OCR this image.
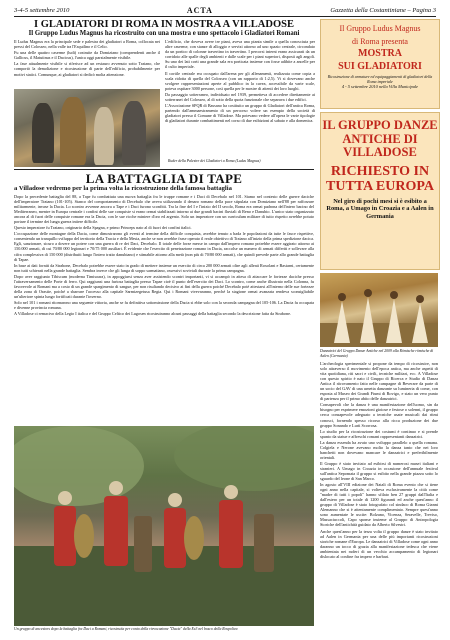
3-4-5 settembre 2010	ACTA	Gazzetta della Costantiniane – Pagina 3
I GLADIATORI DI ROMA IN MOSTRA A VILLADOSE
Il Gruppo Ludus Magnus ha ricostruito con una mostra e uno spettacolo i Gladiatori Romani

Il Ludus Magnus era la principale sede e palestra dei gladiatori a Roma, collocata nei pressi del Colosseo, nella valle tra l'Esquilino e il Celio.

Fu una delle quattro caserme (ludi) costruite da Domiziano (comprendenti anche il Gallicus, il Matutinus e il Dacicus), l'unica oggi parzialmente visibile.

La fase attualmente visibile si riferisce ad un restauro avvenuto sotto Traiano, che comportò la demolizione e ricostruzione di parte dell'edificio, probabilmente per motivi statici. Comunque, ai gladiatori si dedicò molta attenzione.

L'edificio, che doveva avere tre piani, aveva una pianta simile a quella conosciuta per altre caserme, con stanze di alloggio e servizi attorno ad uno spazio centrale, circondato da un portico di colonne travertino in travertino. I percorsi interni erano assicurati da un corridoio alle spalle degli ambienti e dalle scale per i piani superiori, disposti agli angoli. Su uno dei lati corti una grande sala era porticata insieme con fosse adibite a ancelle per il culto imperiale.

Il cortile centrale era occupato dall'arena per gli allenamenti, realizzata come copia a scala ridotta di quella del Colosseo (con un rapporto di 1:2,5). Vi si dovevano anche svolgere rappresentazioni aperte al pubblico in la cavea, accessibile da varie scale, poteva ospitare 3000 persone, così quella per le mostre di attenti dei loro luoghi.

Da passaggio sotterraneo, individuato nel 1939, permetteva di accedere direttamente ai sotterranei del Colosseo, al di sotto della quota funzionale che separava i due edifici.

L'Associazione SPQR di Bassano ha costituito un gruppo di Gladiatori dell'antica Roma, partendo dall'ammaestramento di un percorso volere un esempio della società di gladiatori presso il Comune di Villadose. Ma potevano vedere all'opera le varie tipologie di gladiatori durante combattimenti nel corso di due esibizioni al sabato e alla domenica.

Ruder della Palestre dei Gladiatori a Roma (Ludus Magnus)
LA BATTAGLIA DI TAPE
a Villadose vedremo per la prima volta la ricostruzione della famosa battaglia

Dopo la precedente battaglia del 88, a Tape fu combattuta una nuova battaglia fra le truppe romane e i Daci di Decebalo nel 101. Siamo nel contesto delle guerre daciche dell'imperatore Traiano (101-105). Stanco del comportamento di Decebalo che aveva utilizzando il denaro romano della pace stipulata con Domiziano nell'88 per rafforzare militarmente, invase la Dacia. Lo scontro avvenne ancora a Tape e i Daci furono sconfitti. Tra la fine del I e l'inizio del II secolo, Roma era ormai padrona dell'intero bacino del Mediterraneo, mentre in Europa centrale i confini delle sue conquiste si erano ormai stabilizzati intorno ai due grandi bacini fluviali di Reno e Danubio. L'unico stato organizzato ancora al di fuori delle conquiste romane era la Dacia, con le sue ricche miniere d'oro ed argento. Solo un imperatore con un curriculum militare di tutto rispetto avrebbe potuto portare il termine dei lunga guerra intiere difficile.

Questo imperatore fu Traiano, originario della Spagna, e primo Princeps nato al di fuori dei confini italici.

L'occupazione delle montagne della Dacia, come dimostrarono gli eventi al termine della difficile conquista, avrebbe tenuto a bada le popolazioni da tutte le fasce rispettive, consentendo un tranquillo sviluppo del territorio della Tracia e della Mesia, anche se non avrebbe frase operato il reale obiettivo di Traiano all'inizio della prima spedizione dacica. Egli, sanzionare, sicuro a dovere un potere con una guerra di re dei Daci, Decebalo. Il totale delle forze messe in campo dall'impero romano potrebbe essere aggirato attorno ai 150.000 armati, di cui 70/80 000 legionari e 70/75 000 ausiliari. È evidente che l'esercito di penetrazione romano in Dacia, raccolse un numero di armati differiti e sollevare alla cifra complessiva di 150 000 (distribuiti lungo l'intero tratto danubiano) e stimabile attorno alla metà (non più di 70/80 000 armati), che quindi prevede parte allo grande battaglia di Tapae.

In base ai dati forniti da Strabone, Decebalo potrebbe essere stato in grado di mettere insieme un esercito di circa 200 000 armati oltre agli alleati Roxolani e Bastarni, certamente non tutti schierati nella grande battaglia. Sembra invece che gli lunga di soppo sarmatiano, ossessivi soviviali durante la prima campagna.

Dopo aver raggiunto Tibiscum (moderna Timisoara), in appoggiarsi senza aver assistendo scontri importanti, vi si accampò in attesa di attaccare le fortezze daciche presso l'attraversamento delle Porte di ferro. Qui raggiunsi una furiosa battaglia presso Tapae cioè il punto dell'esercito dei Daci. Lo scontro, come anche illustrato nella Colonna, fu favorevole ai Romani ma a costo di un grande spargimento di sangue, per non risultando decisivo ai fini della guerra poiché Decebalo potè attestarsi all'interno delle sue fortezze della zona di Orastie, poiché a sbarrare l'accesso alla capitale Sarmizegetusa Regia. Qui i Romani vivevaranno, perché la stagione ormai avanzata rendeva sconsigliabile un'ulteriore spinta lungo fortificati durante l'inverno.

Solo nel 101 i romani ritornarono una seguente vittoria, anche se fu definitiva sottomissione della Dacia si ebbe solo con la seconda campagna del 105-106. La Dacia fu occupata e divenne provincia romana.

A Villadose ci remacivo della Legio I italica e del Gruppo Celtico dei Lugosen ricostruiranno alcuni passaggi della battaglia secondo la descrizione fatta da Strabone.

Un gruppo di ancestors dopo la battaglia fra Daci a Romani, ricostruita per conto della rievocazione "Dacia" della Ex3 nel bosco della Rospoliva
Il Gruppo Ludus Magnus
di Roma presenta
MOSTRA
SUI GLADIATORI
Ricostruzione di armature ed equipaggiamenti di gladiatori della Roma imperiale
4 - 5 settembre 2010 nella Villa Municipale
IL GRUPPO DANZE ANTICHE DI VILLADOSE
RICHIESTO IN TUTTA EUROPA
Nel giro di pochi mesi si è esibito a Roma, a Umago in Croazia e a Aalen in Germania
Danzatrici del Gruppo Danze Antiche nel 2009 alla Römische römische di Aalen (Germania)

L'archeologia sperimentale si propone da tempo di ricostruire, non solo attraverso il movimento dell'epoca antica, ma anche aspetti di vita quotidiana, riti sacri e civili, tecniche militari, ecc. A Villadose con questo spirito è nato il Gruppo di Ricerca e Studio di Danza Antica il ritrovamento fatto nelle campagne di Beverare da parte di un socio del GAV di una urnetta danzante su lumineria di come, con esposta al Museo dei Grandi Fiumi di Rovigo, e stato un vero punto di partenza per il primo abito delle danzatrici.

Consapevoli che la danza è una manifestazione dell'uomo, sin da bisogno per esprimere emozioni gioiose e festose o solenni, il gruppo cerca consapevole adeguato a tecniche usate musicali dai ritmi conosci, fornendo spesso ricorso alla ricca produzione dei due gruppo Sonando e Lurii Scorrosa.

Lo studio per la ricostruzione dei costumi è continuo e si prende spunto da statue e affreschi romani rappresentanti danzatrici.

La danza essenda ha avuto uno sviluppo parallelo a quella romana. Colgiela e Nerone avevano molto la danza tanto che nei loro banchetti non dovevano mancare le danzatrici e preferibilmente orientali.

Il Gruppo è stato invitato ad esibirsi di numerosi musei italiani e stranieri. A Umago in Croazia in occasione dell'annuale festival sull'antica Sepomaia il gruppo si esibito nella grande piazza sotto lo sguardo del leone di San Marco.

In agosto all'VIII edizione dei Natali di Roma evento che si tiene ogni anno nella capitale, si volteva esclusivamente la città come "madre di tutti i popoli" hanno sfilato ben 27 gruppi dall'Italia e dall'estero per un totale di 1200 figuranti ed anche quest'anno il gruppo di Villadose è stato fotografato col sindaco di Roma Gianni Alemanno che si è attentamente complimentato. Sempre quest'anno sono aumentate le uscite: Bolzano, Vicenza, Seravelle, Treviso, Massaciuccoli, Capo sponse insieme al Gruppo di Antropologia Storiche dell'antichità guidato da Alberto Silvestri.

Anche quest'anno per la terza volta il gruppo danze è stato invitato ad Aalen in Germania per una delle più importanti ricostruzioni storiche romane d'Europa. Le danzatrici di Villadose come ogni anno daranno un tocco di grazia alla manifestazione tedesca che viene ambientata nei ruderi di un vecchio accampamento di legionari dislocato al confine fra impero e barbari.
